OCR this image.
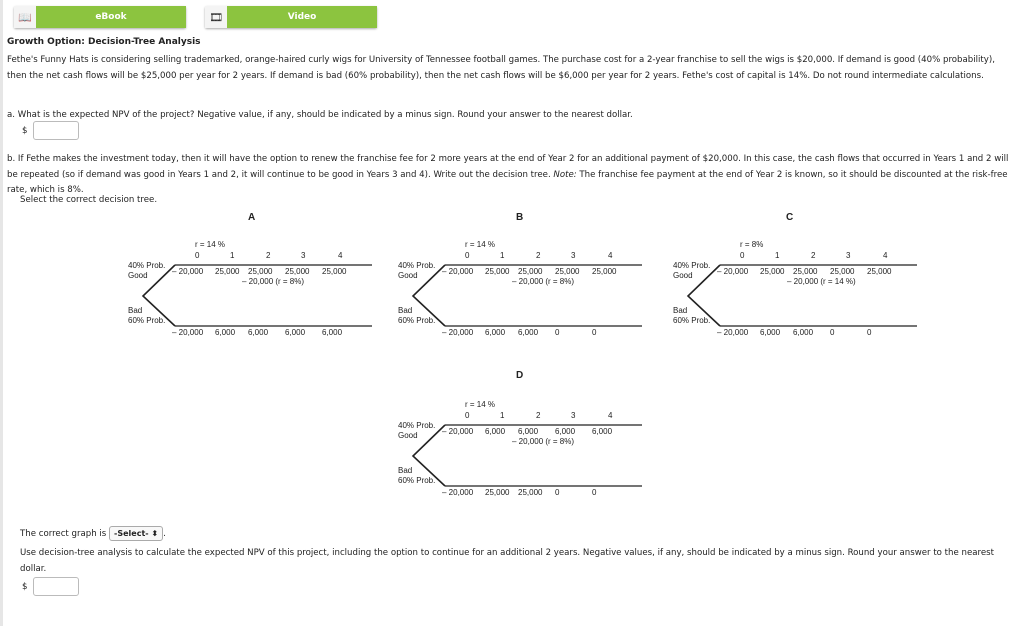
📖	eBook	🎞	Video
Growth Option: Decision-Tree Analysis
Fethe's Funny Hats is considering selling trademarked, orange-haired curly wigs for University of Tennessee football games. The purchase cost for a 2-year franchise to sell the wigs is $20,000. If demand is good (40% probability), then the net cash flows will be $25,000 per year for 2 years. If demand is bad (60% probability), then the net cash flows will be $6,000 per year for 2 years. Fethe's cost of capital is 14%. Do not round intermediate calculations.
a. What is the expected NPV of the project? Negative value, if any, should be indicated by a minus sign. Round your answer to the nearest dollar.
$
b. If Fethe makes the investment today, then it will have the option to renew the franchise fee for 2 more years at the end of Year 2 for an additional payment of $20,000. In this case, the cash flows that occurred in Years 1 and 2 will be repeated (so if demand was good in Years 1 and 2, it will continue to be good in Years 3 and 4). Write out the decision tree. Note: The franchise fee payment at the end of Year 2 is known, so it should be discounted at the risk-free rate, which is 8%.
Select the correct decision tree.
A
r = 14 %
0	1	2	3	4
40% Prob.
Good
Bad
60% Prob.
– 20,000
– 20,000
25,000
6,000
25,000
6,000
25,000
6,000
25,000
6,000
– 20,000 (r = 8%)
B
r = 14 %
0	1	2	3	4
40% Prob.
Good
Bad
60% Prob.
– 20,000
– 20,000
25,000
6,000
25,000
6,000
25,000
0
25,000
0
– 20,000 (r = 8%)
C
r = 8%
0	1	2	3	4
40% Prob.
Good
Bad
60% Prob.
– 20,000
– 20,000
25,000
6,000
25,000
6,000
25,000
0
25,000
0
– 20,000 (r = 14 %)
D
r = 14 %
0	1	2	3	4
40% Prob.
Good
Bad
60% Prob.
– 20,000
– 20,000
6,000
25,000
6,000
25,000
6,000
0
6,000
0
– 20,000 (r = 8%)
The correct graph is -Select- ⬍ .
Use decision-tree analysis to calculate the expected NPV of this project, including the option to continue for an additional 2 years. Negative values, if any, should be indicated by a minus sign. Round your answer to the nearest dollar.
$
